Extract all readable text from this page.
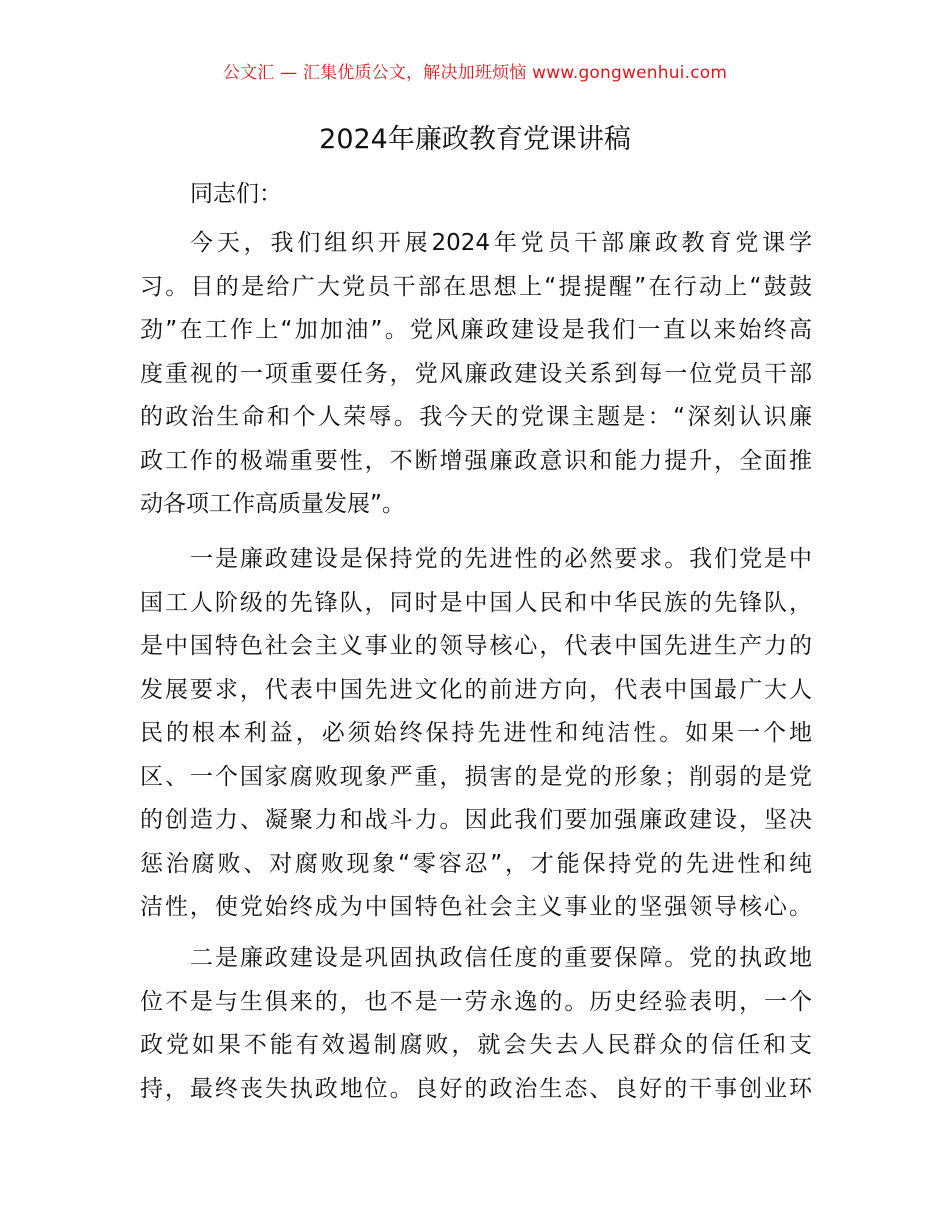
公文汇 — 汇集优质公文，解决加班烦恼 www.gongwenhui.com
2024年廉政教育党课讲稿
同志们：
今天，我们组织开展2024年党员干部廉政教育党课学
习。目的是给广大党员干部在思想上“提提醒”在行动上“鼓鼓
劲”在工作上“加加油”。党风廉政建设是我们一直以来始终高
度重视的一项重要任务，党风廉政建设关系到每一位党员干部
的政治生命和个人荣辱。我今天的党课主题是：“深刻认识廉
政工作的极端重要性，不断增强廉政意识和能力提升，全面推
动各项工作高质量发展”。
一是廉政建设是保持党的先进性的必然要求。我们党是中
国工人阶级的先锋队，同时是中国人民和中华民族的先锋队，
是中国特色社会主义事业的领导核心，代表中国先进生产力的
发展要求，代表中国先进文化的前进方向，代表中国最广大人
民的根本利益，必须始终保持先进性和纯洁性。如果一个地
区、一个国家腐败现象严重，损害的是党的形象；削弱的是党
的创造力、凝聚力和战斗力。因此我们要加强廉政建设，坚决
惩治腐败、对腐败现象“零容忍”，才能保持党的先进性和纯
洁性，使党始终成为中国特色社会主义事业的坚强领导核心。
二是廉政建设是巩固执政信任度的重要保障。党的执政地
位不是与生俱来的，也不是一劳永逸的。历史经验表明，一个
政党如果不能有效遏制腐败，就会失去人民群众的信任和支
持，最终丧失执政地位。良好的政治生态、良好的干事创业环
